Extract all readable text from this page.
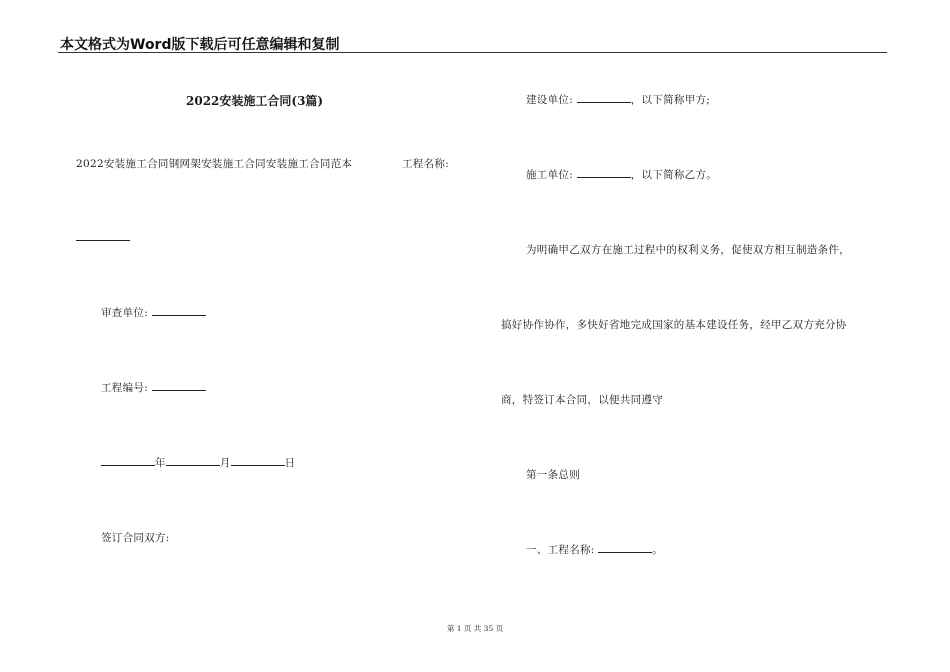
本文格式为Word版下载后可任意编辑和复制
2022安装施工合同(3篇)
2022安装施工合同钢网架安装施工合同安装施工合同范本	工程名称:
审查单位:
工程编号:
年	月	日
签订合同双方:
建设单位:	，以下简称甲方;
施工单位:	，以下简称乙方。
为明确甲乙双方在施工过程中的权利义务，促使双方相互制造条件，
搞好协作协作，多快好省地完成国家的基本建设任务，经甲乙双方充分协
商，特签订本合同，以便共同遵守
第一条总则
一、工程名称:	。
第 1 页 共 35 页
